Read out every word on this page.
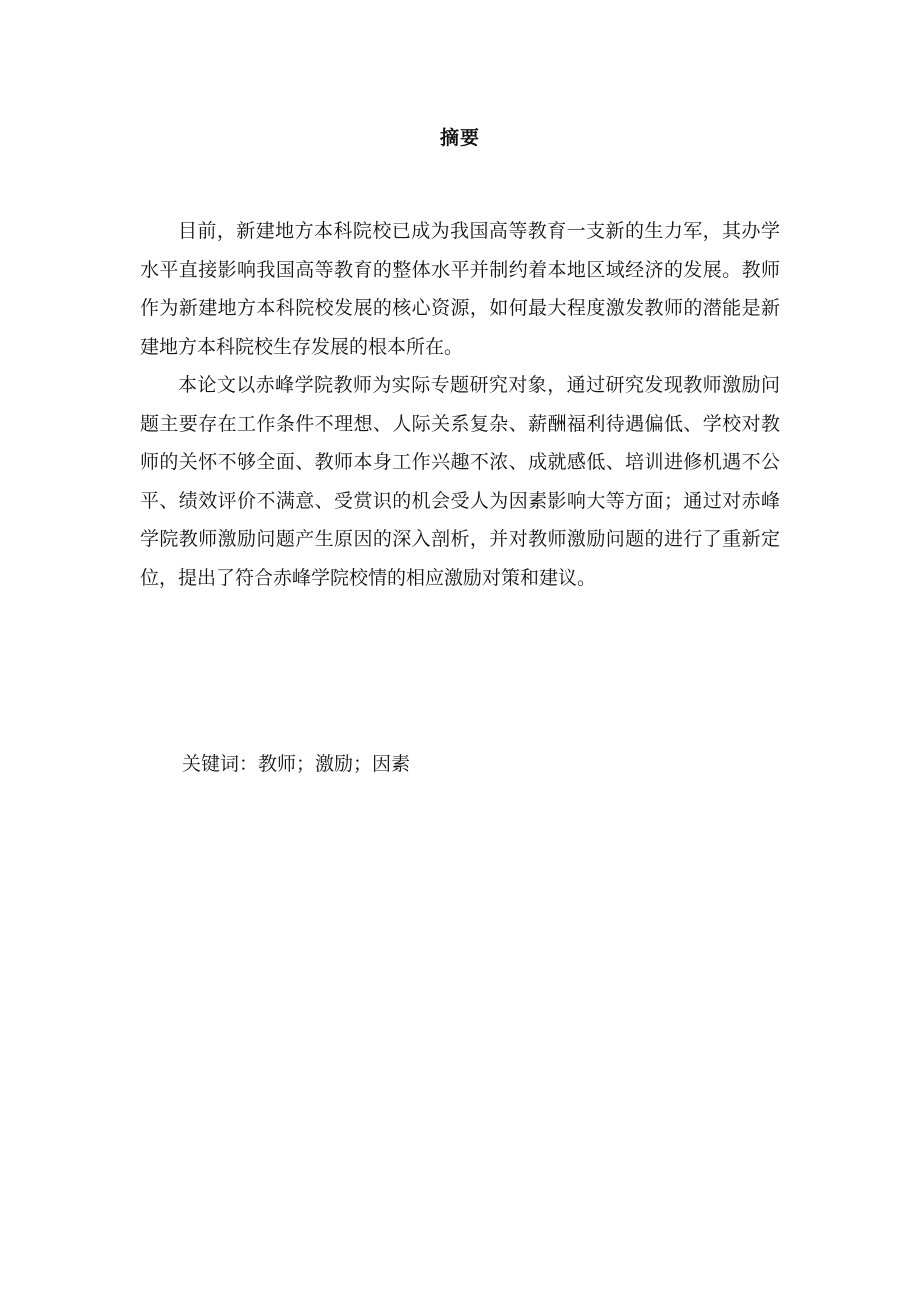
摘要

目前，新建地方本科院校已成为我国高等教育一支新的生力军，其办学水平直接影响我国高等教育的整体水平并制约着本地区域经济的发展。教师作为新建地方本科院校发展的核心资源，如何最大程度激发教师的潜能是新建地方本科院校生存发展的根本所在。

本论文以赤峰学院教师为实际专题研究对象，通过研究发现教师激励问题主要存在工作条件不理想、人际关系复杂、薪酬福利待遇偏低、学校对教师的关怀不够全面、教师本身工作兴趣不浓、成就感低、培训进修机遇不公平、绩效评价不满意、受赏识的机会受人为因素影响大等方面；通过对赤峰学院教师激励问题产生原因的深入剖析，并对教师激励问题的进行了重新定位，提出了符合赤峰学院校情的相应激励对策和建议。

关键词：教师；激励；因素
